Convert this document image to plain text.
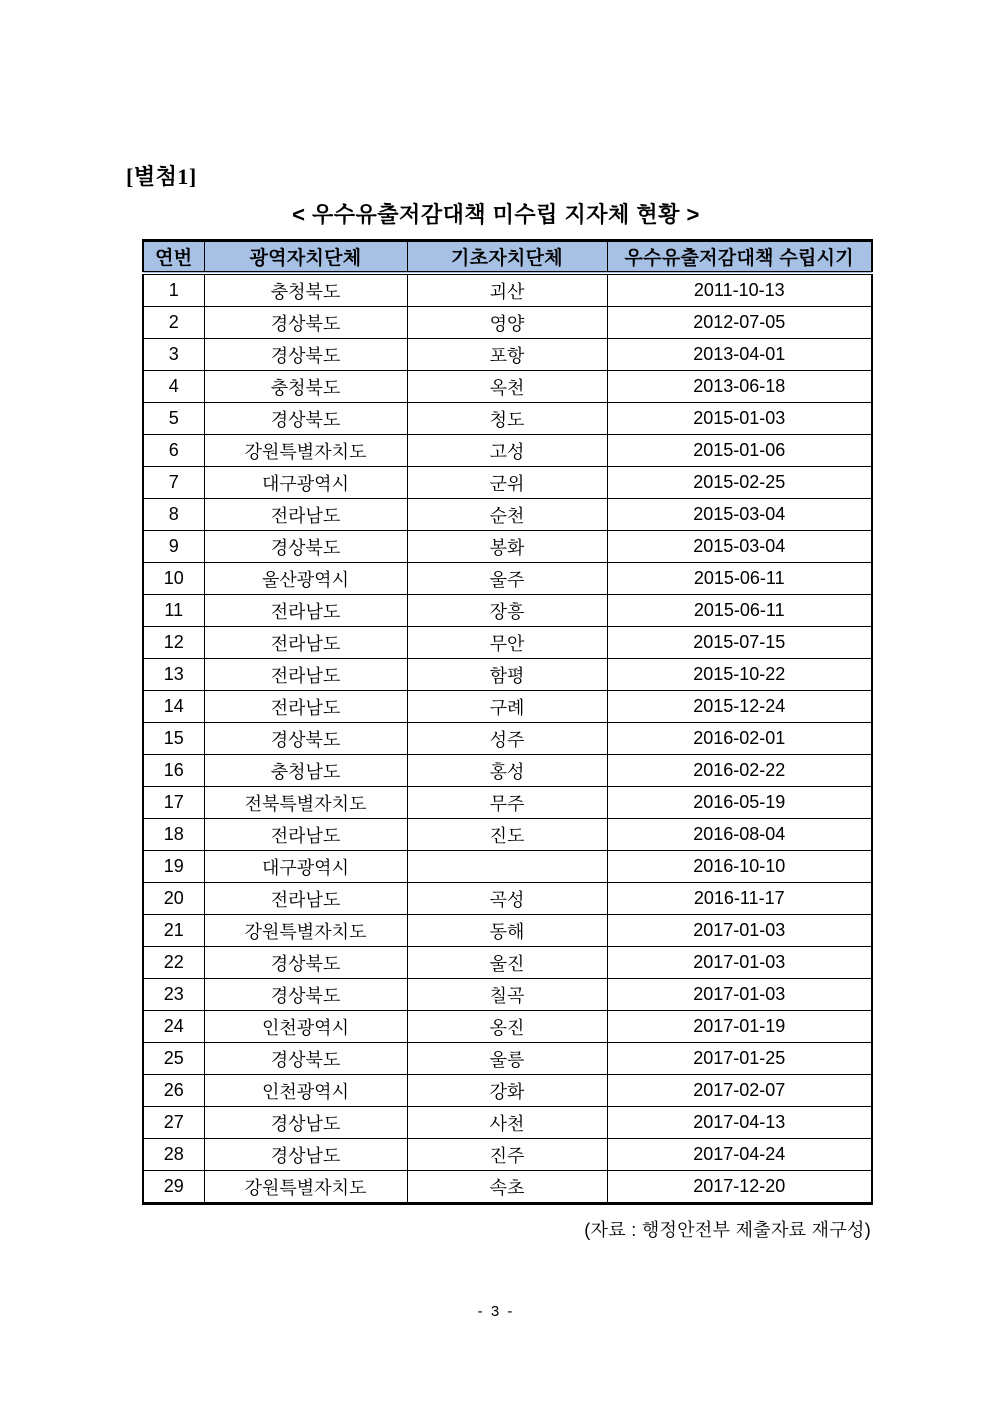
[별첨1]
< 우수유출저감대책 미수립 지자체 현황 >
연번	광역자치단체	기초자치단체	우수유출저감대책 수립시기
1	충청북도	괴산	2011-10-13
2	경상북도	영양	2012-07-05
3	경상북도	포항	2013-04-01
4	충청북도	옥천	2013-06-18
5	경상북도	청도	2015-01-03
6	강원특별자치도	고성	2015-01-06
7	대구광역시	군위	2015-02-25
8	전라남도	순천	2015-03-04
9	경상북도	봉화	2015-03-04
10	울산광역시	울주	2015-06-11
11	전라남도	장흥	2015-06-11
12	전라남도	무안	2015-07-15
13	전라남도	함평	2015-10-22
14	전라남도	구례	2015-12-24
15	경상북도	성주	2016-02-01
16	충청남도	홍성	2016-02-22
17	전북특별자치도	무주	2016-05-19
18	전라남도	진도	2016-08-04
19	대구광역시		2016-10-10
20	전라남도	곡성	2016-11-17
21	강원특별자치도	동해	2017-01-03
22	경상북도	울진	2017-01-03
23	경상북도	칠곡	2017-01-03
24	인천광역시	옹진	2017-01-19
25	경상북도	울릉	2017-01-25
26	인천광역시	강화	2017-02-07
27	경상남도	사천	2017-04-13
28	경상남도	진주	2017-04-24
29	강원특별자치도	속초	2017-12-20
(자료 : 행정안전부 제출자료 재구성)
- 3 -
